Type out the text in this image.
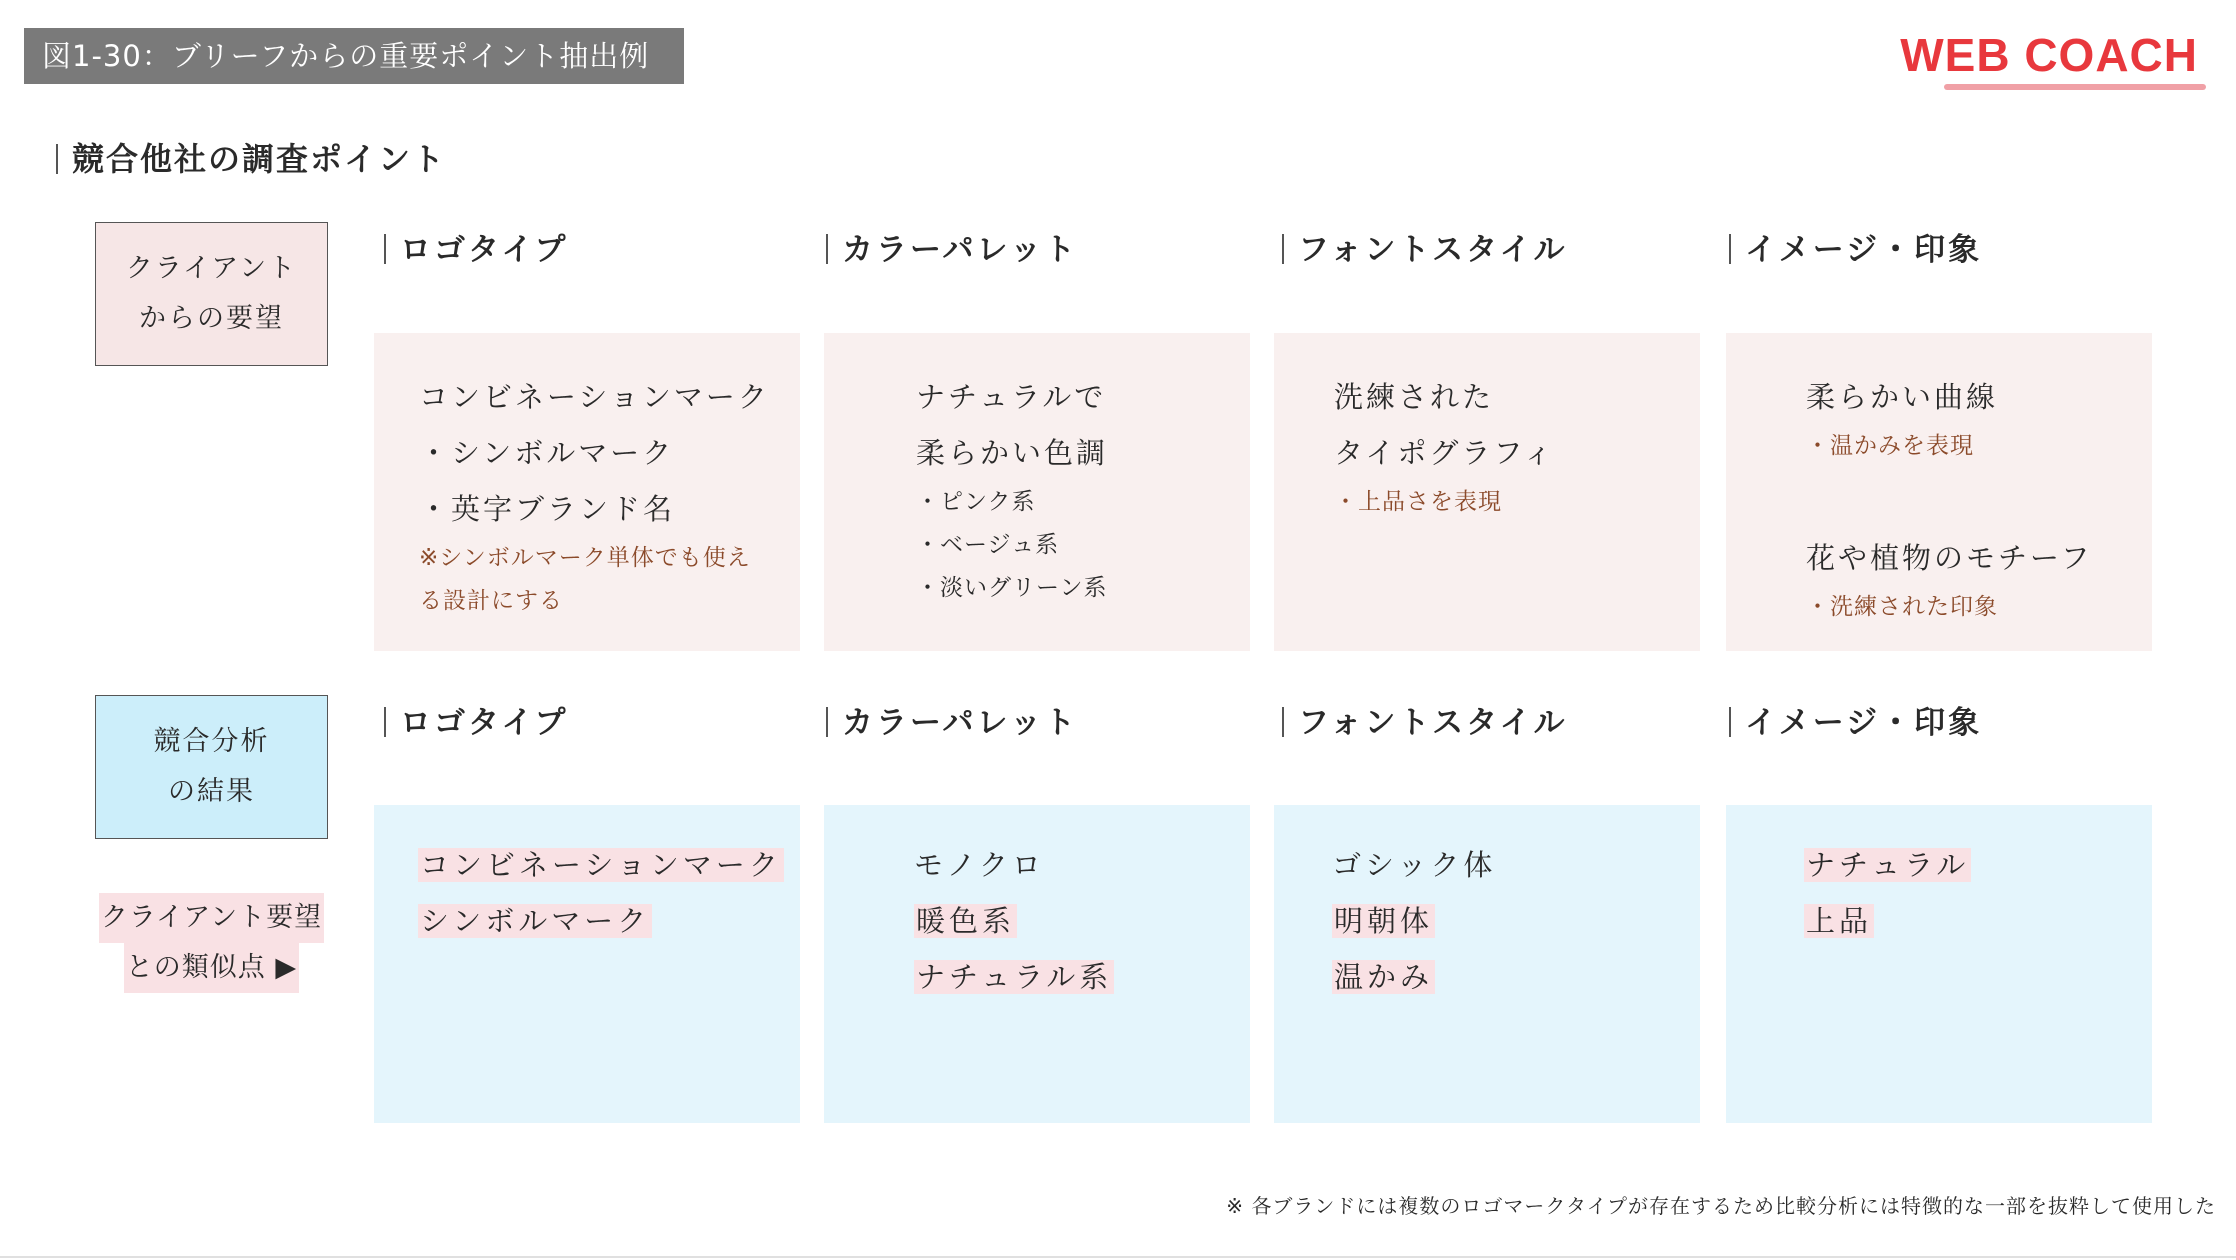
図1-30：ブリーフからの重要ポイント抽出例	WEB COACH
競合他社の調査ポイント
クライアント
からの要望
競合分析
の結果
クライアント要望
との類似点 ▶
ロゴタイプ	カラーパレット	フォントスタイル	イメージ・印象
コンビネーションマーク
・シンボルマーク
・英字ブランド名
※シンボルマーク単体でも使え
る設計にする
ナチュラルで
柔らかい色調
・ピンク系
・ベージュ系
・淡いグリーン系
洗練された
タイポグラフィ
・上品さを表現
柔らかい曲線
・温かみを表現
花や植物のモチーフ
・洗練された印象
ロゴタイプ	カラーパレット	フォントスタイル	イメージ・印象
コンビネーションマーク
シンボルマーク
モノクロ
暖色系
ナチュラル系
ゴシック体
明朝体
温かみ
ナチュラル
上品
※ 各ブランドには複数のロゴマークタイプが存在するため比較分析には特徴的な一部を抜粋して使用した
